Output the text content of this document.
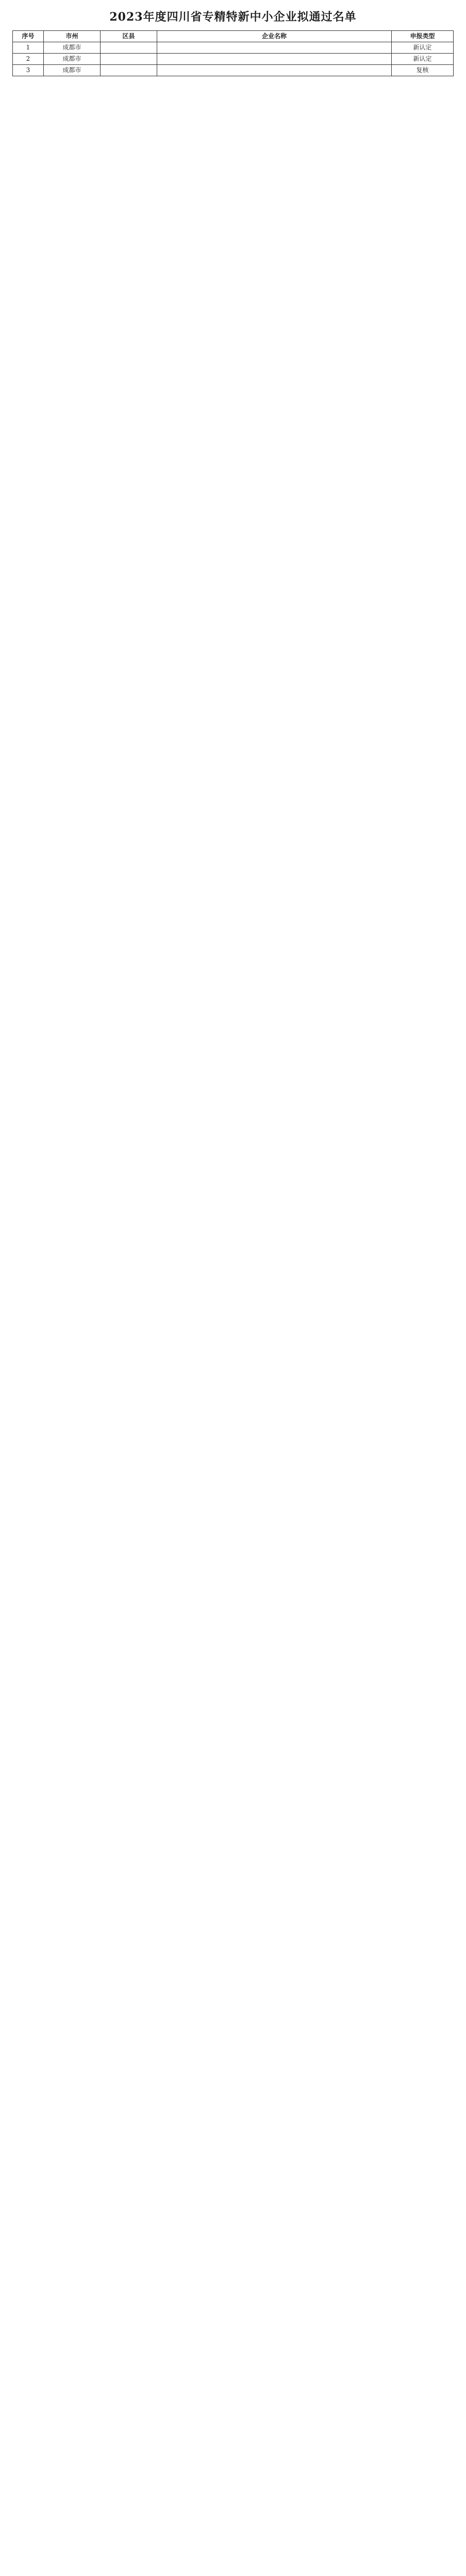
2023年度四川省专精特新中小企业拟通过名单
序号	市州	区县	企业名称	申报类型
1	成都市			新认定
2	成都市			新认定
3	成都市			复核
